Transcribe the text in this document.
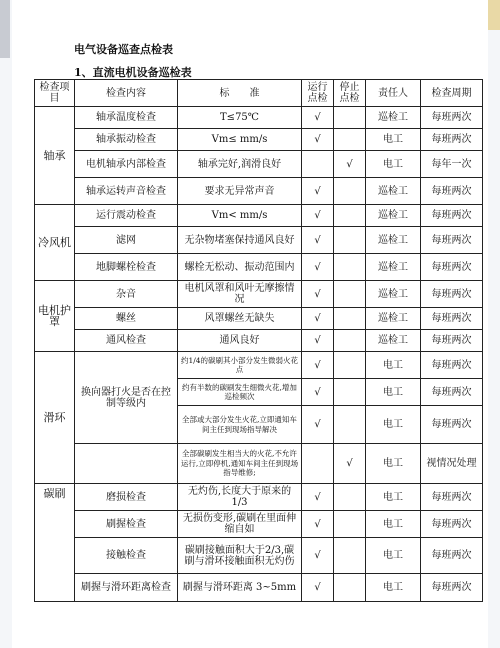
电气设备巡查点检表
1、直流电机设备巡检表
检查项目	检查内容	标　　准	运行点检	停止点检	责任人	检查周期
轴承	轴承温度检查	T≤75℃	√		巡检工	每班两次
	轴承振动检查	Vm≤ mm/s	√		电工	每班两次
	电机轴承内部检查	轴承完好,润滑良好		√	电工	每年一次
	轴承运转声音检查	要求无异常声音	√		巡检工	每班两次
冷风机	运行震动检查	Vm< mm/s	√		巡检工	每班两次
	滤网	无杂物堵塞保持通风良好	√		巡检工	每班两次
	地脚螺栓检查	螺栓无松动、振动范围内	√		巡检工	每班两次
电机护罩	杂音	电机风罩和风叶无摩擦情况	√		巡检工	每班两次
	螺丝	风罩螺丝无缺失	√		巡检工	每班两次
	通风检查	通风良好	√		巡检工	每班两次
滑环	换向器打火是否在控制等级内	约1/4的碳刷其小部分发生微弱火花点	√		电工	每班两次
		约有半数的碳刷发生细微火花,增加巡检频次	√		电工	每班两次
		全部或大部分发生火花,立即通知车间主任到现场指导解决	√		电工	每班两次
		全部碳刷发生相当大的火花,不允许运行,立即停机,通知车间主任到现场指导维修;		√	电工	视情况处理
碳刷	磨损检查	无灼伤,长度大于原来的1/3	√		电工	每班两次
	刷握检查	无损伤变形,碳刷在里面伸缩自如	√		电工	每班两次
	接触检查	碳刷接触面积大于2/3,碳刷与滑环接触面积无灼伤	√		电工	每班两次
	刷握与滑环距离检查	刷握与滑环距离 3~5mm	√		电工	每班两次
